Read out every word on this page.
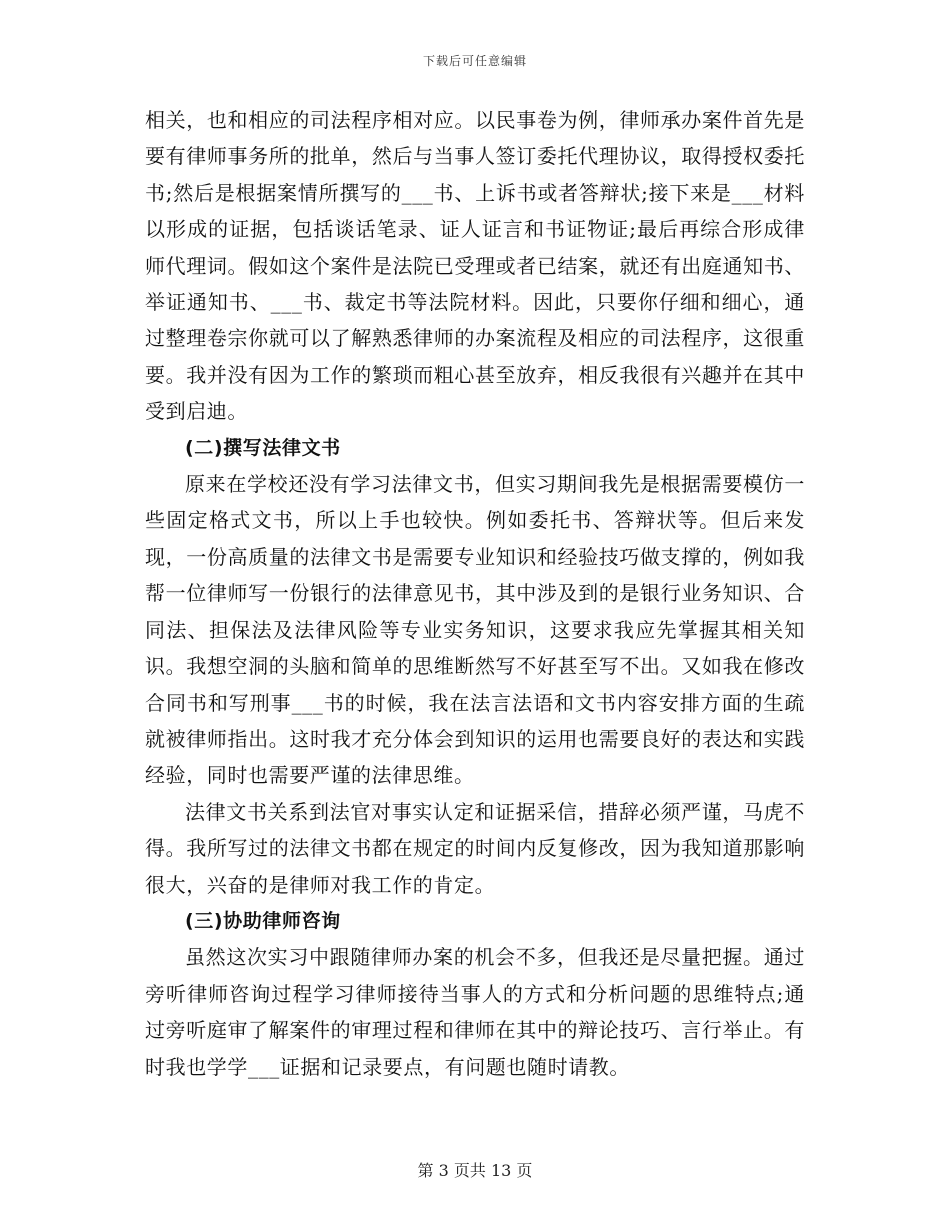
下载后可任意编辑

相关，也和相应的司法程序相对应。以民事卷为例，律师承办案件首先是要有律师事务所的批单，然后与当事人签订委托代理协议，取得授权委托书;然后是根据案情所撰写的___书、上诉书或者答辩状;接下来是___材料以形成的证据，包括谈话笔录、证人证言和书证物证;最后再综合形成律师代理词。假如这个案件是法院已受理或者已结案，就还有出庭通知书、举证通知书、___书、裁定书等法院材料。因此，只要你仔细和细心，通过整理卷宗你就可以了解熟悉律师的办案流程及相应的司法程序，这很重要。我并没有因为工作的繁琐而粗心甚至放弃，相反我很有兴趣并在其中受到启迪。

(二)撰写法律文书

原来在学校还没有学习法律文书，但实习期间我先是根据需要模仿一些固定格式文书，所以上手也较快。例如委托书、答辩状等。但后来发现，一份高质量的法律文书是需要专业知识和经验技巧做支撑的，例如我帮一位律师写一份银行的法律意见书，其中涉及到的是银行业务知识、合同法、担保法及法律风险等专业实务知识，这要求我应先掌握其相关知识。我想空洞的头脑和简单的思维断然写不好甚至写不出。又如我在修改合同书和写刑事___书的时候，我在法言法语和文书内容安排方面的生疏就被律师指出。这时我才充分体会到知识的运用也需要良好的表达和实践经验，同时也需要严谨的法律思维。

法律文书关系到法官对事实认定和证据采信，措辞必须严谨，马虎不得。我所写过的法律文书都在规定的时间内反复修改，因为我知道那影响很大，兴奋的是律师对我工作的肯定。

(三)协助律师咨询

虽然这次实习中跟随律师办案的机会不多，但我还是尽量把握。通过旁听律师咨询过程学习律师接待当事人的方式和分析问题的思维特点;通过旁听庭审了解案件的审理过程和律师在其中的辩论技巧、言行举止。有时我也学学___证据和记录要点，有问题也随时请教。

第 3 页共 13 页
